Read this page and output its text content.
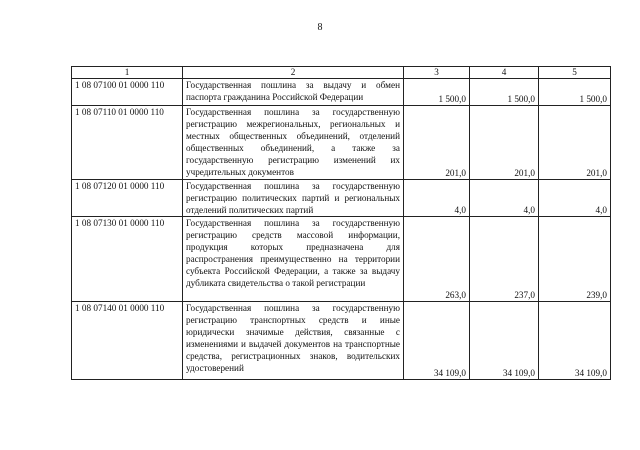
8
1	2	3	4	5
1 08 07100 01 0000 110	Государственная пошлина за выдачу и обмен паспорта гражданина Российской Федерации	1 500,0	1 500,0	1 500,0
1 08 07110 01 0000 110	Государственная пошлина за государственную регистрацию межрегиональных, региональных и местных общественных объединений, отделений общественных объединений, а также за государственную регистрацию изменений их учредительных документов	201,0	201,0	201,0
1 08 07120 01 0000 110	Государственная пошлина за государственную регистрацию политических партий и региональных отделений политических партий	4,0	4,0	4,0
1 08 07130 01 0000 110	Государственная пошлина за государственную регистрацию средств массовой информации, продукция которых предназначена для распространения преимущественно на территории субъекта Российской Федерации, а также за выдачу дубликата свидетельства о такой регистрации	263,0	237,0	239,0
1 08 07140 01 0000 110	Государственная пошлина за государственную регистрацию транспортных средств и иные юридически значимые действия, связанные с изменениями и выдачей документов на транспортные средства, регистрационных знаков, водительских удостоверений	34 109,0	34 109,0	34 109,0
